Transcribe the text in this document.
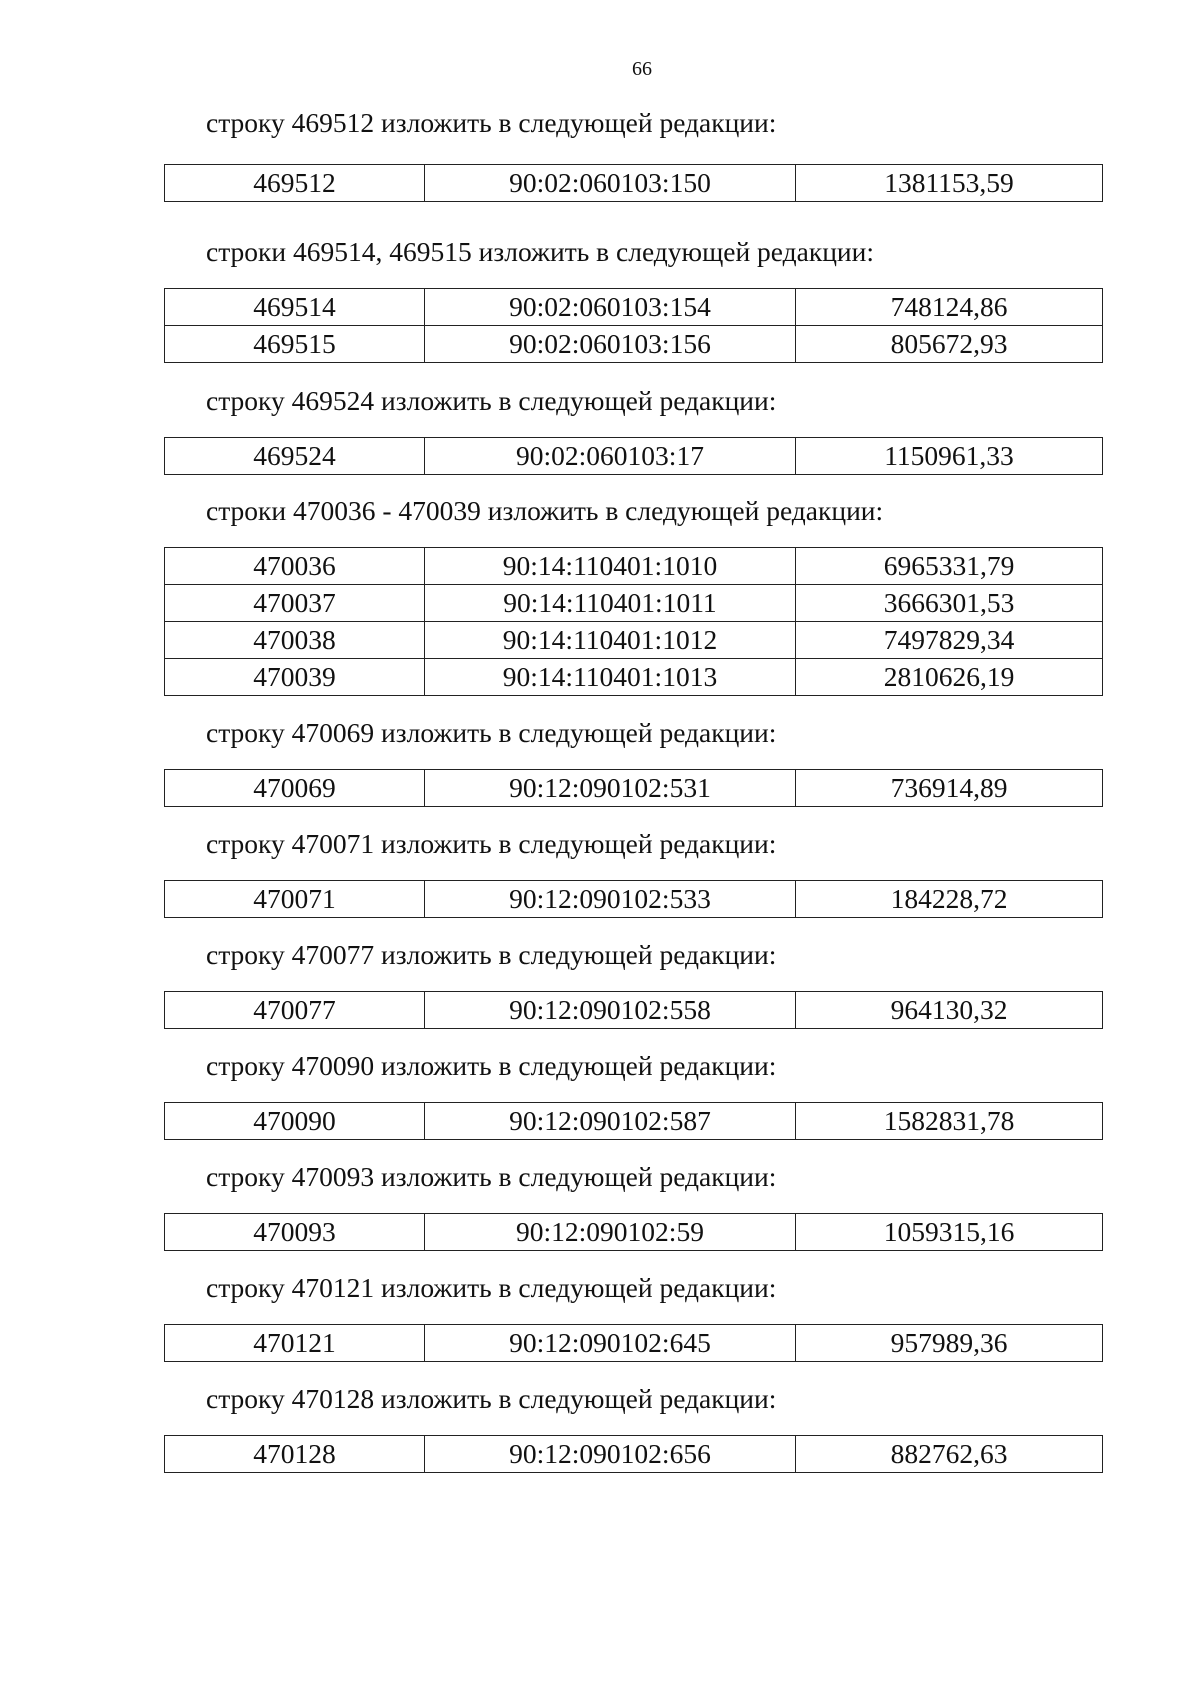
66
строку 469512 изложить в следующей редакции:
469512	90:02:060103:150	1381153,59
строки 469514, 469515 изложить в следующей редакции:
469514	90:02:060103:154	748124,86
469515	90:02:060103:156	805672,93
строку 469524 изложить в следующей редакции:
469524	90:02:060103:17	1150961,33
строки 470036 - 470039 изложить в следующей редакции:
470036	90:14:110401:1010	6965331,79
470037	90:14:110401:1011	3666301,53
470038	90:14:110401:1012	7497829,34
470039	90:14:110401:1013	2810626,19
строку 470069 изложить в следующей редакции:
470069	90:12:090102:531	736914,89
строку 470071 изложить в следующей редакции:
470071	90:12:090102:533	184228,72
строку 470077 изложить в следующей редакции:
470077	90:12:090102:558	964130,32
строку 470090 изложить в следующей редакции:
470090	90:12:090102:587	1582831,78
строку 470093 изложить в следующей редакции:
470093	90:12:090102:59	1059315,16
строку 470121 изложить в следующей редакции:
470121	90:12:090102:645	957989,36
строку 470128 изложить в следующей редакции:
470128	90:12:090102:656	882762,63
